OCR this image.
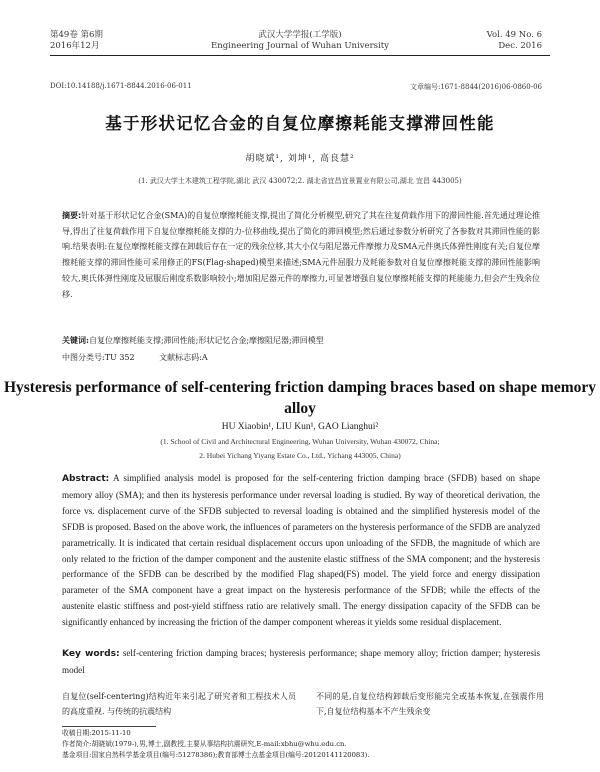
第49卷 第6期
2016年12月
武汉大学学报(工学版)
Engineering Journal of Wuhan University
Vol. 49 No. 6
Dec. 2016
DOI:10.14188/j.1671-8844.2016-06-011	文章编号:1671-8844(2016)06-0860-06
基于形状记忆合金的自复位摩擦耗能支撑滞回性能
胡晓斌¹, 刘坤¹, 高良慧²
(1. 武汉大学土木建筑工程学院,湖北 武汉 430072;2. 湖北省宜昌宜景置业有限公司,湖北 宜昌 443005)
摘要:针对基于形状记忆合金(SMA)的自复位摩擦耗能支撑,提出了简化分析模型,研究了其在往复荷载作用下的滞回性能.首先通过理论推导,得出了往复荷载作用下自复位摩擦耗能支撑的力-位移曲线,提出了简化的滞回模型;然后通过参数分析研究了各参数对其滞回性能的影响.结果表明:在复位摩擦耗能支撑在卸载后存在一定的残余位移,其大小仅与阻尼器元件摩擦力及SMA元件奥氏体弹性刚度有关;自复位摩擦耗能支撑的滞回性能可采用修正的FS(Flag-shaped)模型来描述;SMA元件屈服力及耗能参数对自复位摩擦耗能支撑的滞回性能影响较大,奥氏体弹性刚度及屈服后刚度系数影响较小;增加阻尼器元件的摩擦力,可显著增强自复位摩擦耗能支撑的耗能能力,但会产生残余位移.
关键词:自复位摩擦耗能支撑;滞回性能;形状记忆合金;摩擦阻尼器;滞回模型
中图分类号:TU 352	文献标志码:A
Hysteresis performance of self-centering friction damping braces based on shape memory alloy
HU Xiaobin¹, LIU Kun¹, GAO Lianghui²
(1. School of Civil and Architectural Engineering, Wuhan University, Wuhan 430072, China;
2. Hubei Yichang Yiyang Estate Co., Ltd., Yichang 443005, China)
Abstract: A simplified analysis model is proposed for the self-centering friction damping brace (SFDB) based on shape memory alloy (SMA); and then its hysteresis performance under reversal loading is studied. By way of theoretical derivation, the force vs. displacement curve of the SFDB subjected to reversal loading is obtained and the simplified hysteresis model of the SFDB is proposed. Based on the above work, the influences of parameters on the hysteresis performance of the SFDB are analyzed parametrically. It is indicated that certain residual displacement occurs upon unloading of the SFDB, the magnitude of which are only related to the friction of the damper component and the austenite elastic stiffness of the SMA component; and the hysteresis performance of the SFDB can be described by the modified Flag shaped(FS) model. The yield force and energy dissipation parameter of the SMA component have a great impact on the hysteresis performance of the SFDB; while the effects of the austenite elastic stiffness and post-yield stiffness ratio are relatively small. The energy dissipation capacity of the SFDB can be significantly enhanced by increasing the friction of the damper component whereas it yields some residual displacement.
Key words: self-centering friction damping braces; hysteresis performance; shape memory alloy; friction damper; hysteresis model
自复位(self-centering)结构近年来引起了研究者和工程技术人员的高度重视. 与传统的抗震结构
不同的是,自复位结构卸载后变形能完全或基本恢复,在强震作用下,自复位结构基本不产生残余变
收稿日期:2015-11-10
作者简介:胡晓斌(1979-),男,博士,副教授,主要从事结构抗震研究,E-mail:xbhu@whu.edu.cn.
基金项目:国家自然科学基金项目(编号:51278386);教育部博士点基金项目(编号:20120141120083).
